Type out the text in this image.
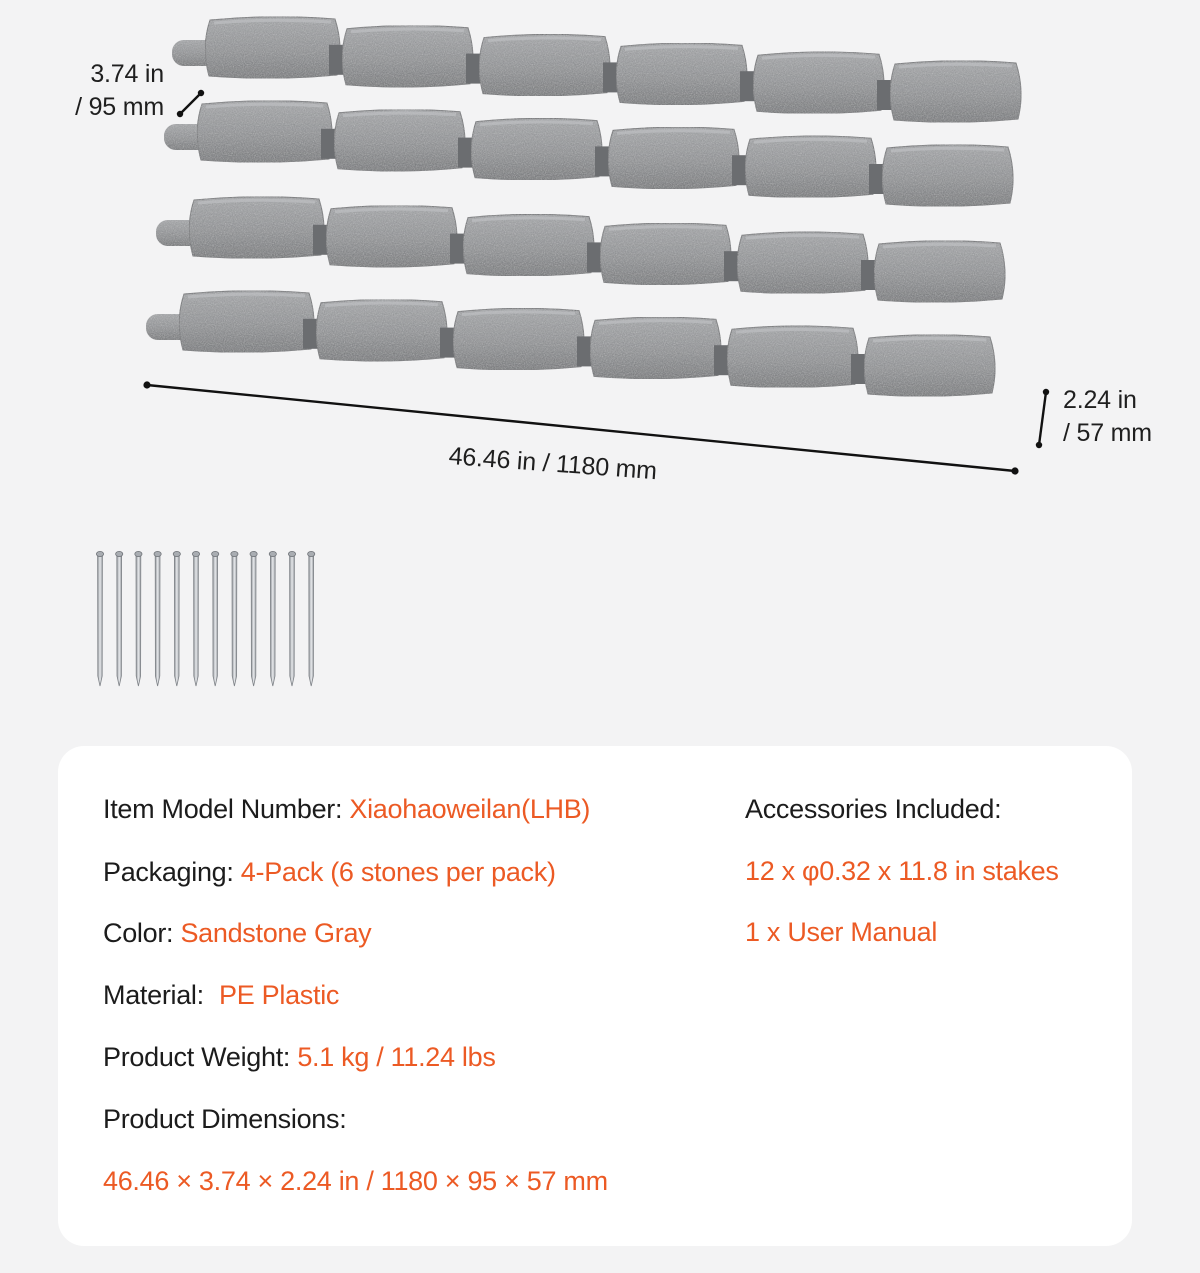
3.74 in
/ 95 mm
2.24 in
/ 57 mm
46.46 in / 1180 mm
Item Model Number: Xiaohaoweilan(LHB)
Packaging: 4-Pack (6 stones per pack)
Color: Sandstone Gray
Material: PE Plastic
Product Weight: 5.1 kg / 11.24 lbs
Product Dimensions:
46.46 × 3.74 × 2.24 in / 1180 × 95 × 57 mm
Accessories Included:
12 x φ0.32 x 11.8 in stakes
1 x User Manual
